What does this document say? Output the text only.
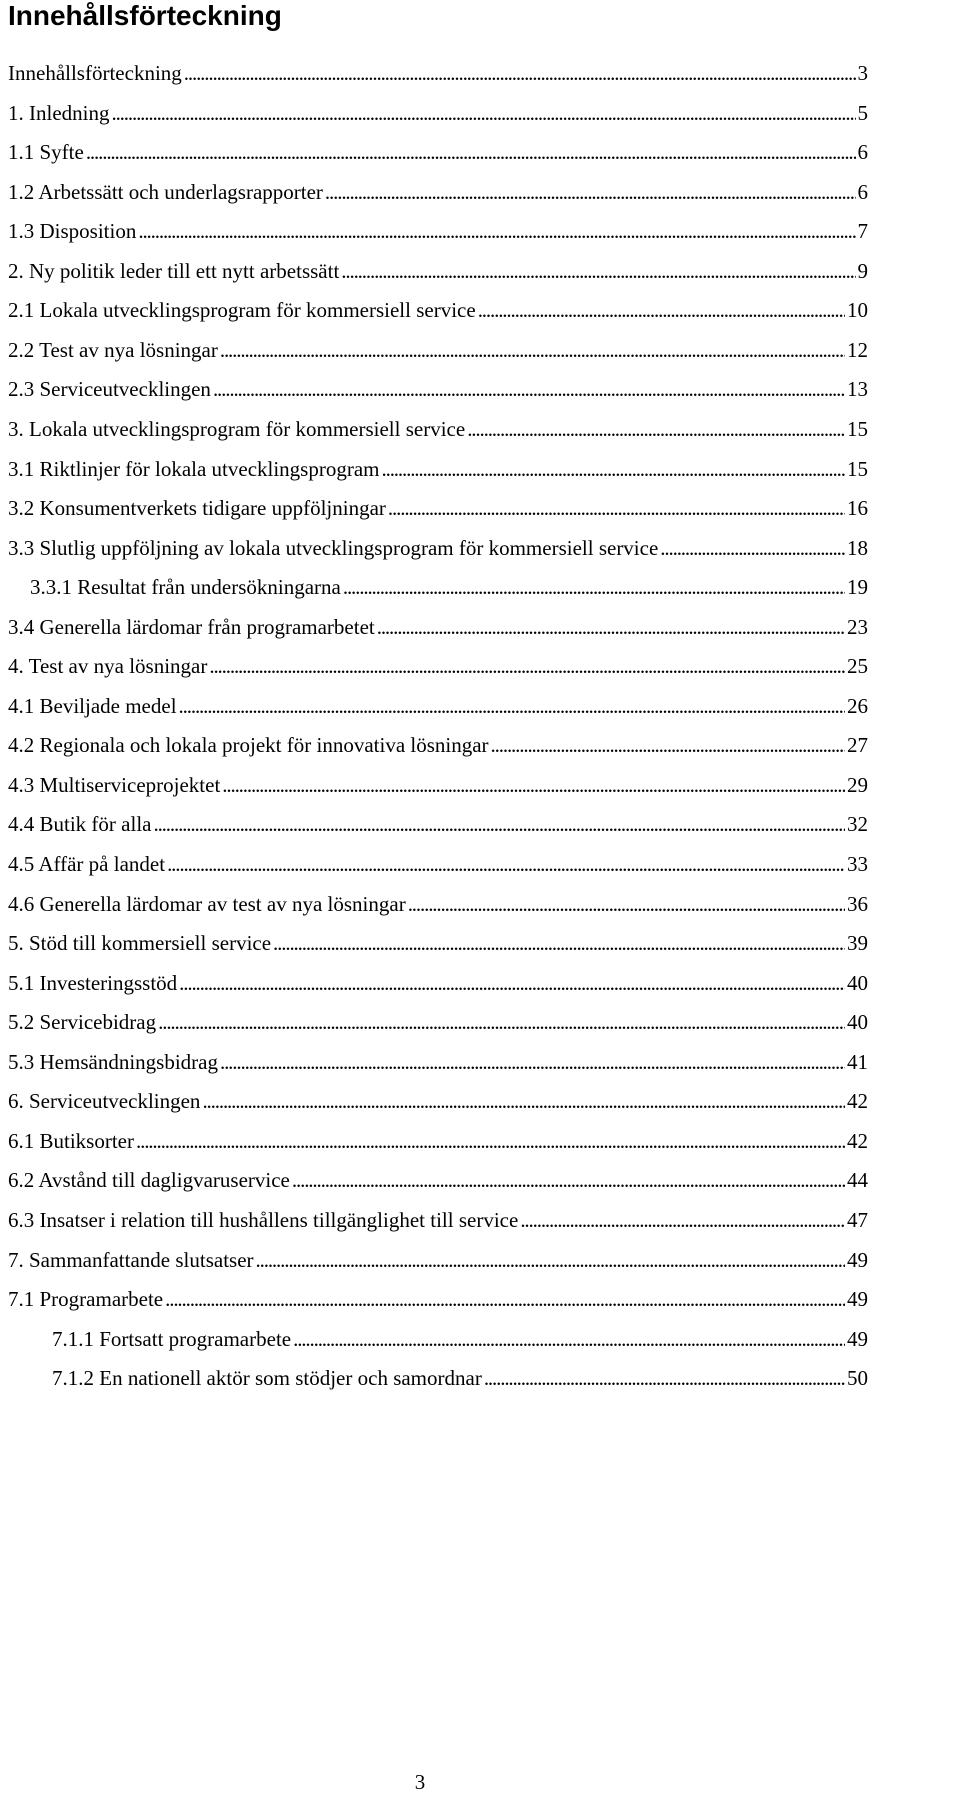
Innehållsförteckning
Innehållsförteckning . . .	3
1. Inledning . . .	5
1.1 Syfte . . .	6
1.2 Arbetssätt och underlagsrapporter . . .	6
1.3 Disposition . . .	7
2. Ny politik leder till ett nytt arbetssätt . . .	9
2.1 Lokala utvecklingsprogram för kommersiell service . . .	10
2.2 Test av nya lösningar . . .	12
2.3 Serviceutvecklingen . . .	13
3. Lokala utvecklingsprogram för kommersiell service . . .	15
3.1 Riktlinjer för lokala utvecklingsprogram . . .	15
3.2 Konsumentverkets tidigare uppföljningar . . .	16
3.3 Slutlig uppföljning av lokala utvecklingsprogram för kommersiell service . . .	18
3.3.1 Resultat från undersökningarna . . .	19
3.4 Generella lärdomar från programarbetet . . .	23
4. Test av nya lösningar . . .	25
4.1 Beviljade medel . . .	26
4.2 Regionala och lokala projekt för innovativa lösningar . . .	27
4.3 Multiserviceprojektet . . .	29
4.4 Butik för alla . . .	32
4.5 Affär på landet . . .	33
4.6 Generella lärdomar av test av nya lösningar . . .	36
5. Stöd till kommersiell service . . .	39
5.1 Investeringsstöd . . .	40
5.2 Servicebidrag . . .	40
5.3 Hemsändningsbidrag . . .	41
6. Serviceutvecklingen . . .	42
6.1 Butiksorter . . .	42
6.2 Avstånd till dagligvaruservice . . .	44
6.3 Insatser i relation till hushållens tillgänglighet till service . . .	47
7. Sammanfattande slutsatser . . .	49
7.1 Programarbete . . .	49
7.1.1 Fortsatt programarbete . . .	49
7.1.2 En nationell aktör som stödjer och samordnar . . .	50
3
